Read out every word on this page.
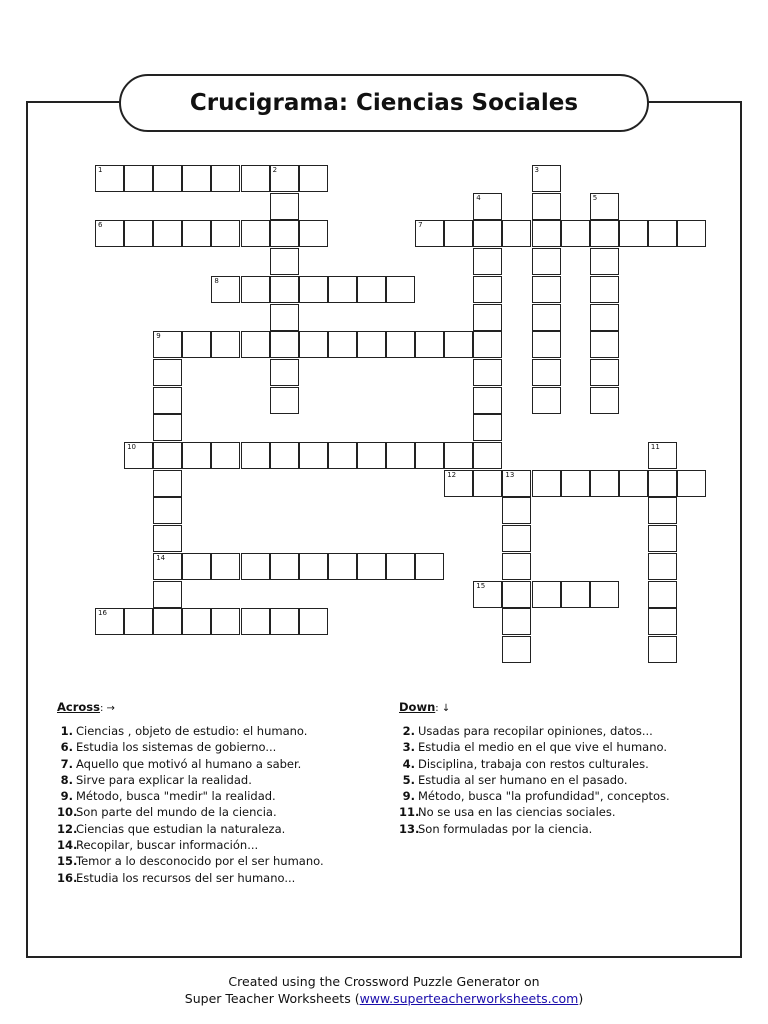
Crucigrama: Ciencias Sociales
1	2	3
4	5
6	7
8
9
14
10	11
12	13
15
16
Across: →
1. Ciencias , objeto de estudio: el humano.
6. Estudia los sistemas de gobierno...
7. Aquello que motivó al humano a saber.
8. Sirve para explicar la realidad.
9. Método, busca "medir" la realidad.
10.
Son parte del mundo de la ciencia.
12.
Ciencias que estudian la naturaleza.
14.
Recopilar, buscar información...
15.
Temor a lo desconocido por el ser humano.
16.
Estudia los recursos del ser humano...
Down: ↓
2. Usadas para recopilar opiniones, datos...
3. Estudia el medio en el que vive el humano.
4. Disciplina, trabaja con restos culturales.
5. Estudia al ser humano en el pasado.
9. Método, busca "la profundidad", conceptos.
11.
No se usa en las ciencias sociales.
13.
Son formuladas por la ciencia.
Created using the Crossword Puzzle Generator on
Super Teacher Worksheets (www.superteacherworksheets.com)
